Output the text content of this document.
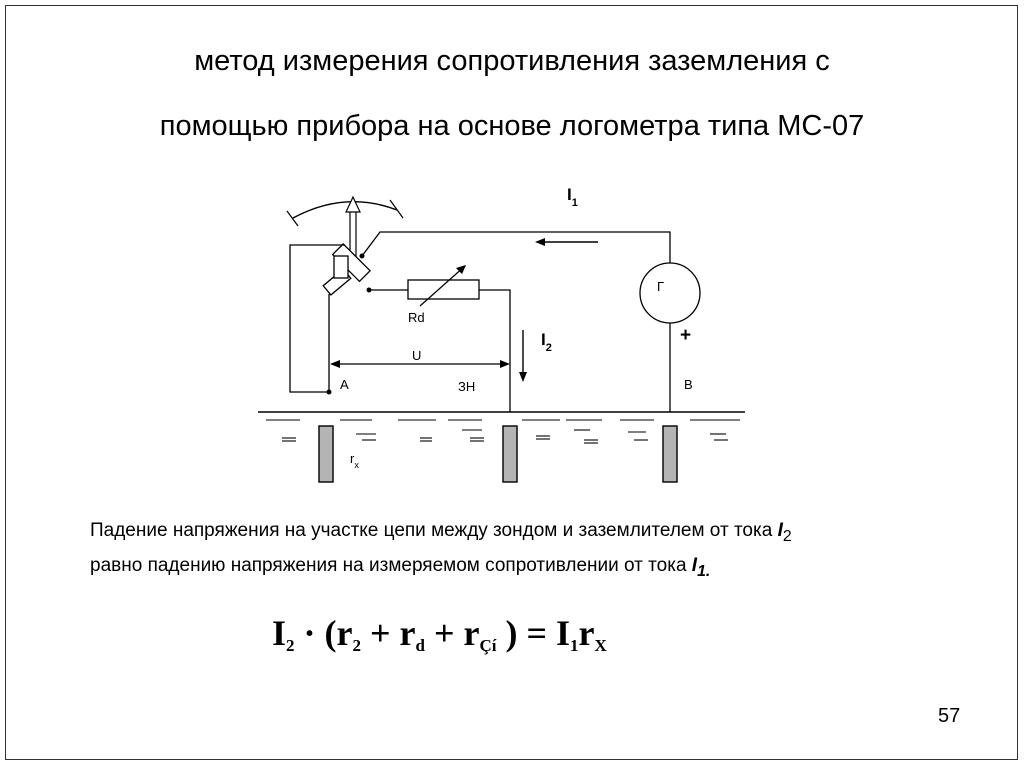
метод измерения сопротивления заземления с
помощью прибора на основе логометра типа МС-07
$I_1$
$I_2$
Г
+
Rd
U
A	ЗН	B
$r_x$
Падение напряжения на участке цепи между зондом и заземлителем от тока $I_2$
равно падению напряжения на измеряемом сопротивлении от тока $I_{1.}$
$I_2 \cdot (r_2 + r_d + r_{Çí}$ ) = $I_1r_X$
57
